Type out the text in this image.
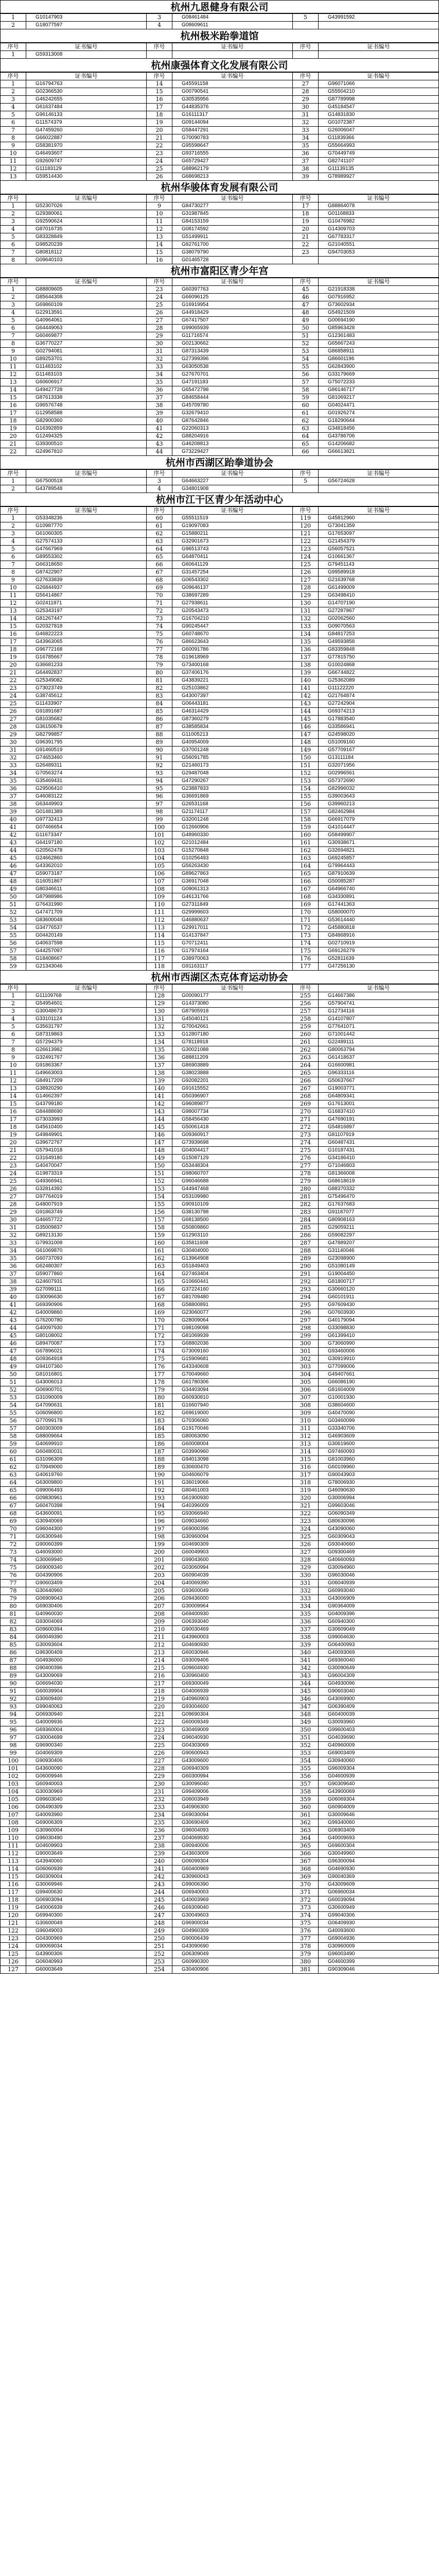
杭州九恩健身有限公司
1	G10147903	3	G08461484	5	G43991592
2	G18077597	4	G08609611		
杭州极米跆拳道馆
序号	证书编号	序号	证书编号	序号	证书编号
1	G59313008				
杭州康强体育文化发展有限公司
序号	证书编号	序号	证书编号	序号	证书编号
1	G16794763	14	G45591158	27	G96071066
2	G02366530	15	G00790541	28	G55504210
3	G46242655	16	G30535956	29	G87789998
4	G61637484	17	G44835376	30	G45184547
5	G96146133	18	G16111317	31	G14831830
6	G11574379	19	G09144094	32	G01072387
7	G47459260	20	G58447291	33	G26006047
8	G66022887	21	G70090783	34	G11839366
9	G58381970	22	G95598647	35	G55664993
10	G46493607	23	G93716555	36	G70449749
11	G92609747	24	G65729427	37	G82741107
12	G11183129	25	G88962179	38	G11139135
13	G59514430	26	G68698213	39	G78989927
杭州华骏体育发展有限公司
序号	证书编号	序号	证书编号	序号	证书编号
1	G52307026	9	G84730277	17	G88864078
2	G29380061	10	G31987845	18	G01168833
3	G92590624	11	G84153159	19	G10476982
4	G87016735	12	G08174592	20	G14309703
5	G83328849	13	G51499911	21	G67783317
6	G98520239	14	G82761700	22	G21040551
7	G80818112	15	G38079790	23	G94703053
8	G09640103	16	G01465728		
杭州市富阳区青少年宫
序号	证书编号	序号	证书编号	序号	证书编号
1	G88809605	23	G60397763	45	G21918338
2	G85644308	24	G66096125	46	G07916952
3	G69860109	25	G16919954	47	G73602934
4	G22913591	26	G44918429	48	G54921509
5	G40964061	27	G67417507	49	G00694190
6	G64449063	28	G99065939	50	G85963428
7	G60469877	29	G11716574	51	G12361483
8	G36770227	30	G02130662	52	G65667243
9	G02794081	31	G87313439	53	G86858911
10	G89253701	32	G27399396	54	G86601196
11	G11483102	33	G63050538	55	G62843900
12	G11483103	34	G27670701	56	G33179669
13	G60606917	35	G47191183	57	G75072233
14	G49427728	36	G65472798	58	G86146717
15	G87613338	37	G84658444	59	G81069217
16	G96576748	38	G45709780	60	G04024471
17	G12958588	39	G32679410	61	G01926274
18	G82900360	40	G87642846	62	G18290644
19	G16392859	41	G22060313	63	G34818456
20	G12494325	42	G88204916	64	G43786706
21	G39300510	43	G46208813	65	G14206682
22	G24967810	44	G73229427	66	G66613821
杭州市西湖区跆拳道协会
序号	证书编号	序号	证书编号	序号	证书编号
1	G67500518	3	G64663227	5	G56724628
2	G43789548	4	G34801908		
杭州市江干区青少年活动中心
序号	证书编号	序号	证书编号	序号	证书编号
1	G53348236	60	G55511519	119	G45812960
2	G10987770	61	G19097083	120	G73041359
3	G61060305	62	G15880211	121	G17653097
4	G27574133	63	G32901673	122	G21454379
5	G47667969	64	G96513743	123	G56057521
6	G89553302	65	G64870411	124	G10661367
7	G66318650	66	G60641129	125	G79451143
8	G87422907	67	G31457254	126	G99589918
9	G27633839	68	G06543302	127	G21639768
10	G26844937	69	G09646137	128	G61499009
11	G56414867	70	G38697289	129	G63498410
12	G02411871	71	G27938611	130	G14707190
13	G25343197	72	G20543473	131	G27287867
14	G81267447	73	G16704210	132	G02062560
15	G20327818	74	G90245447	133	G09070563
16	G46822223	75	G60748670	134	G84817253
17	G43963065	76	G86623643	135	G49593858
18	G96772168	77	G60091786	136	G83359848
19	G16785667	78	G19618969	137	G77815750
20	G36681233	79	G73400168	138	G10024868
21	G64492837	80	G37406176	139	G66744822
22	G25349082	81	G43839221	140	G25362089
23	G73023749	82	G25103862	141	G11122220
24	G38745612	83	G43007397	142	G21764874
25	G11433907	84	G06443181	143	G27242904
26	G91891687	85	G46314429	144	G69374213
27	G81035682	86	G87360279	145	G17883540
28	G36150678	87	G38585834	146	G33586941
29	G82799857	88	G11005213	147	G24598020
30	G96391795	89	G40954009	148	G51009160
31	G91460519	90	G37001248	149	G57709167
32	G74653460	91	G56091785	150	G13111184
33	G26489311	92	G21460173	151	G32071956
34	G70563274	93	G29487048	152	G02996561
35	G35469431	94	G47290267	153	G57372690
36	G29506410	95	G23887833	154	G82996032
37	G46083122	96	G36691869	155	G39003643
38	G63449903	97	G26531168	156	G39960213
39	G01481389	98	G21174117	157	G82462984
40	G97732413	99	G32001248	158	G66917079
41	G07466654	100	G12660906	159	G41014447
42	G11673347	101	G48960330	160	G58499907
43	G64197180	102	G21012484	161	G30938671
44	G20562478	103	G15270848	162	G32694821
45	G24662860	104	G10256493	163	G69245857
46	G43362010	105	G56263430	164	G79964443
47	G59073187	106	G89627863	165	G87910639
48	G16051867	107	G36917048	166	G50085287
49	G80346611	108	G09061313	167	G64966740
50	G87988986	109	G46131766	168	G34330891
51	G76431990	110	G27311849	169	G17441363
52	G47471709	111	G29999603	170	G58000070
53	G83600048	112	G46880637	171	G53614440
54	G34776537	113	G29917011	172	G45880818
55	G04420149	114	G14137847	173	G84868916
56	G40637598	115	G70712411	174	G02710919
57	G44257097	116	G17974164	175	G69126279
58	G18408667	117	G38970063	176	G52811639
59	G21343046	118	G91163117	177	G47256130
杭州市西湖区杰克体育运动协会
序号	证书编号	序号	证书编号	序号	证书编号
1	G11109768	128	G00090177	255	G14667386
2	G54954601	129	G14373080	256	G57904741
3	G30048673	130	G87905918	257	G12734116
4	G33101124	131	G45040121	258	G14107807
5	G35631797	132	G70042661	259	G77641071
6	G87319863	133	G12807180	260	G71001442
7	G57294379	134	G78118918	261	G22489111
8	G26613982	135	G30021088	262	G80063794
9	G32491767	136	G88811209	263	G61418637
10	G91863367	137	G86903889	264	G16600981
11	G49663003	138	G38023888	265	G96333116
12	G84917209	139	G92082201	266	G50637667
13	G38920290	140	G91615552	267	G19003771
14	G14662397	141	G50396907	268	G64809341
15	G43799180	142	G96089877	269	G17613001
16	G84488690	143	G98007734	270	G16837410
17	G73033993	144	G58456430	271	G47690191
18	G45610400	145	G50061418	272	G54816897
19	G49849901	146	G09360917	273	G81107919
20	G39672767	147	G73939698	274	G60487431
21	G57941018	148	G04004417	275	G10187431
22	G31649180	149	G15087129	276	G34186410
23	G40470047	150	G53448304	277	G71046803
24	G19873319	151	G98060707	278	G81366008
25	G49366941	152	G96046688	279	G68618619
26	G32814392	153	G44947468	280	G88370332
27	G97764019	154	G53109980	281	G75496470
28	G48007919	155	G90910109	282	G17637683
29	G91863749	156	G38130798	283	G91187077
30	G46657722	157	G68138500	284	G80908163
31	G35009837	158	G50809860	285	G29059211
32	G89213130	159	G12903110	286	G59082297
33	G79931008	160	G35811608	287	G47889207
34	G61069870	161	G30404000	288	G31140046
35	G60737093	162	G13964908	289	G23098900
36	G62480307	163	G51849403	290	G51080149
37	G59077860	164	G27463404	291	G19004450
38	G24607931	165	G10660441	292	G81800717
39	G27099111	166	G37224160	293	G30660120
40	G30096630	167	G81709480	294	G60101911
41	G69390906	168	G58800891	295	G97609430
42	G40009860	169	G23060077	296	G07603930
43	G76200780	170	G28009064	297	G40179094
44	G40097930	171	G98109098	298	G33098830
45	G80108002	172	G81069939	299	G61399410
46	G89470087	173	G68802036	300	G73060990
47	G67896021	174	G73009160	301	G93460006
48	G09364918	175	G15909681	302	G30919910
49	G94107360	176	G43340608	303	G77099006
50	G81016801	177	G70049660	304	G49407661
51	G43006013	178	G61780306	305	G66086190
52	G06900701	179	G34403094	306	G81604009
53	G31090009	180	G60930810	307	G10001930
54	G47090631	181	G16607940	308	G38604600
55	G06096800	182	G69619000	309	G40470090
56	G77099178	183	G70306060	310	G03460099
57	G60303009	184	G19170046	311	G33340706
58	G88009664	185	G80063090	312	G46903609
59	G40699910	186	G60008004	313	G30619600
60	G60480031	187	G03990960	314	G97460093
61	G31096309	188	G94013098	315	G81003960
62	G70949000	189	G30600470	316	G60109960
63	G40619760	190	G04606079	317	G90043903
64	G63009800	191	G36019066	318	G78006930
65	G99006493	192	G80461003	319	G46090630
66	G09830961	193	G61900930	320	G30006994
67	G60470398	194	G40396009	321	G99603046
68	G43600091	195	G93066940	322	G06090349
69	G30940069	196	G09034660	323	G80630096
70	G96044300	197	G69000396	324	G43090060
71	G06300946	198	G30960094	325	G60309043
72	G90060399	199	G04690309	326	G93040660
73	G46093000	200	G60049903	327	G09300469
74	G30069940	201	G99043600	328	G40660093
75	G69009340	202	G03060994	329	G30094960
76	G04390906	203	G60904039	330	G96030046
77	G90603409	204	G40069390	331	G06040939
78	G30440960	205	G93600049	332	G60993040
79	G06909043	206	G09436000	333	G43006909
80	G69030406	207	G30009964	334	G90364009
81	G40960030	208	G69400930	335	G04009396
82	G93004069	209	G06393040	336	G60940300
83	G09600394	210	G90030469	337	G30609049
84	G60049390	211	G43960003	338	G99004630
85	G30093604	212	G04690930	339	G06400993
86	G96300409	213	G60030946	340	G40093069
87	G04936000	214	G93009406	341	G69360040
88	G90400396	215	G09604930	342	G30090649
89	G43009069	216	G30960400	343	G96004309
90	G06694030	217	G69300049	344	G04930096
91	G60039904	218	G04006939	345	G90603040
92	G30609400	219	G40960903	346	G43069900
93	G99040063	220	G93004600	347	G06390409
94	G06930940	221	G09690304	348	G60400039
95	G40009936	222	G60009349	349	G30093960
96	G69360004	223	G30469009	350	G99600403
97	G30004699	224	G96040930	351	G04039690
98	G96900340	225	G04303069	352	G40960009
99	G04069309	226	G90600943	353	G69003409
100	G90930406	227	G43009600	354	G30940060
101	G43600090	228	G06940309	355	G96009304
102	G06009946	229	G60300994	356	G04600939
103	G60940003	230	G30096040	357	G90309640
104	G30030969	231	G99409006	358	G43900069
105	G99603040	232	G06003949	359	G06069304
106	G06490309	233	G40906300	360	G60904009
107	G40093960	234	G69030094	361	G30009646
108	G69006309	235	G30690409	362	G99340060
109	G30960004	236	G96004093	363	G06903409
110	G96030490	237	G04069930	364	G40009693
111	G04609903	238	G90940006	365	G69600304
112	G90003649	239	G43603009	366	G30049960
113	G43940060	240	G06099304	367	G96300094
114	G06060939	241	G60400969	368	G04690930
115	G60309004	242	G30960043	369	G90040369
116	G30069946	243	G99006390	370	G43009609
117	G99400630	244	G06940003	371	G06960034
118	G06903094	245	G40003969	372	G60039094
119	G40006939	246	G69309040	373	G30600949
120	G69940300	247	G30049603	374	G99040306
121	G30600049	248	G96900034	375	G06409930
122	G96049003	249	G04960309	376	G40093600
123	G04300969	250	G90006439	377	G69004936
124	G90069034	251	G43090690	378	G30960009
125	G43900306	252	G06309049	379	G96003490
126	G06040993	253	G60990300	380	G04600399
127	G60003649	254	G30400906	381	G90309046
